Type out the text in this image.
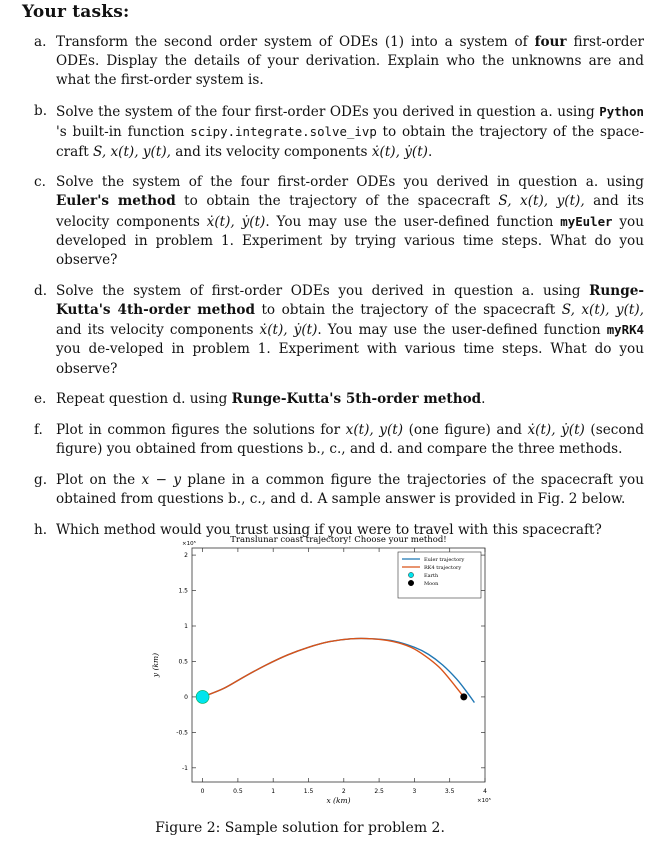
Your tasks:
a. Transform the second order system of ODEs (1) into a system of four first-order ODEs. Display the details of your derivation. Explain who the unknowns are and what the first-order system is.
b. Solve the system of the four first-order ODEs you derived in question a. using Python 's built-in function scipy.integrate.solve_ivp to obtain the trajectory of the space-craft S, x(t), y(t), and its velocity components ẋ(t), ẏ(t).
c. Solve the system of the four first-order ODEs you derived in question a. using Euler's method to obtain the trajectory of the spacecraft S, x(t), y(t), and its velocity components ẋ(t), ẏ(t). You may use the user-defined function myEuler you developed in problem 1. Experiment by trying various time steps. What do you observe?
d. Solve the system of first-order ODEs you derived in question a. using Runge-Kutta's 4th-order method to obtain the trajectory of the spacecraft S, x(t), y(t), and its velocity components ẋ(t), ẏ(t). You may use the user-defined function myRK4 you de-veloped in problem 1. Experiment with various time steps. What do you observe?
e. Repeat question d. using Runge-Kutta's 5th-order method.
f. Plot in common figures the solutions for x(t), y(t) (one figure) and ẋ(t), ẏ(t) (second figure) you obtained from questions b., c., and d. and compare the three methods.
g. Plot on the x − y plane in a common figure the trajectories of the spacecraft you obtained from questions b., c., and d. A sample answer is provided in Fig. 2 below.
h. Which method would you trust using if you were to travel with this spacecraft?
Translunar coast trajectory! Choose your method!
0	0.5	1	1.5	2	2.5	3	3.5	4
-1
-0.5
0
0.5
1
1.5
2
×10⁵
×10⁵
x (km)
y (km)
Euler trajectory
RK4 trajectory
Earth
Moon
Figure 2: Sample solution for problem 2.
